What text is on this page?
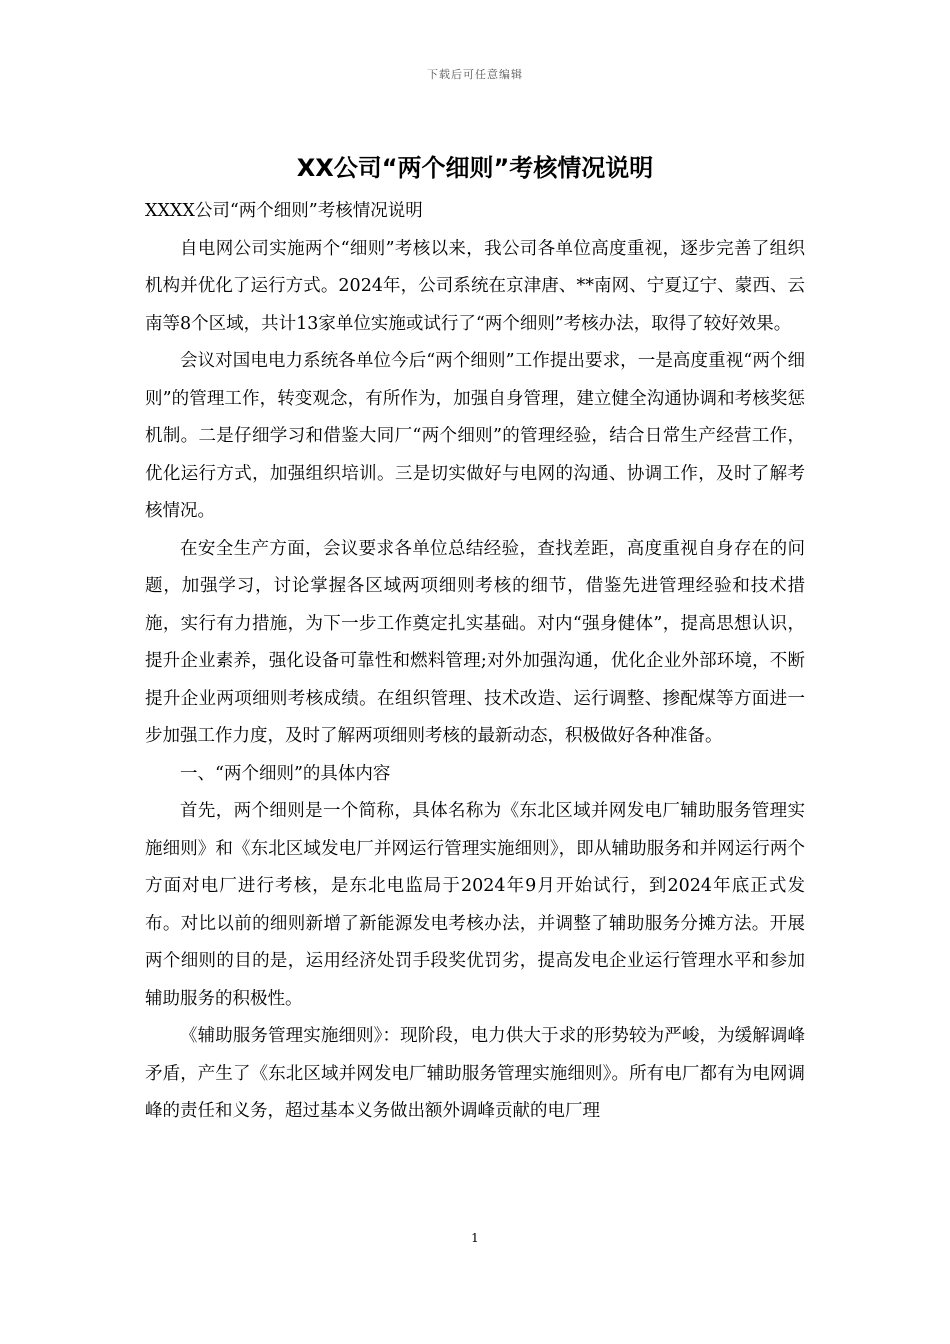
下载后可任意编辑
XX公司“两个细则”考核情况说明

XXXX公司“两个细则”考核情况说明

自电网公司实施两个“细则”考核以来，我公司各单位高度重视，逐步完善了组织机构并优化了运行方式。2024年，公司系统在京津唐、**南网、宁夏辽宁、蒙西、云南等8个区域，共计13家单位实施或试行了“两个细则”考核办法，取得了较好效果。

会议对国电电力系统各单位今后“两个细则”工作提出要求，一是高度重视“两个细则”的管理工作，转变观念，有所作为，加强自身管理，建立健全沟通协调和考核奖惩机制。二是仔细学习和借鉴大同厂“两个细则”的管理经验，结合日常生产经营工作，优化运行方式，加强组织培训。三是切实做好与电网的沟通、协调工作，及时了解考核情况。

在安全生产方面，会议要求各单位总结经验，查找差距，高度重视自身存在的问题，加强学习，讨论掌握各区域两项细则考核的细节，借鉴先进管理经验和技术措施，实行有力措施，为下一步工作奠定扎实基础。对内“强身健体”，提高思想认识，提升企业素养，强化设备可靠性和燃料管理;对外加强沟通，优化企业外部环境，不断提升企业两项细则考核成绩。在组织管理、技术改造、运行调整、掺配煤等方面进一步加强工作力度，及时了解两项细则考核的最新动态，积极做好各种准备。

一、“两个细则”的具体内容

首先，两个细则是一个简称，具体名称为《东北区域并网发电厂辅助服务管理实施细则》和《东北区域发电厂并网运行管理实施细则》，即从辅助服务和并网运行两个方面对电厂进行考核，是东北电监局于2024年9月开始试行，到2024年底正式发布。对比以前的细则新增了新能源发电考核办法，并调整了辅助服务分摊方法。开展两个细则的目的是，运用经济处罚手段奖优罚劣，提高发电企业运行管理水平和参加辅助服务的积极性。

《辅助服务管理实施细则》：现阶段，电力供大于求的形势较为严峻，为缓解调峰矛盾，产生了《东北区域并网发电厂辅助服务管理实施细则》。所有电厂都有为电网调峰的责任和义务，超过基本义务做出额外调峰贡献的电厂理

1
